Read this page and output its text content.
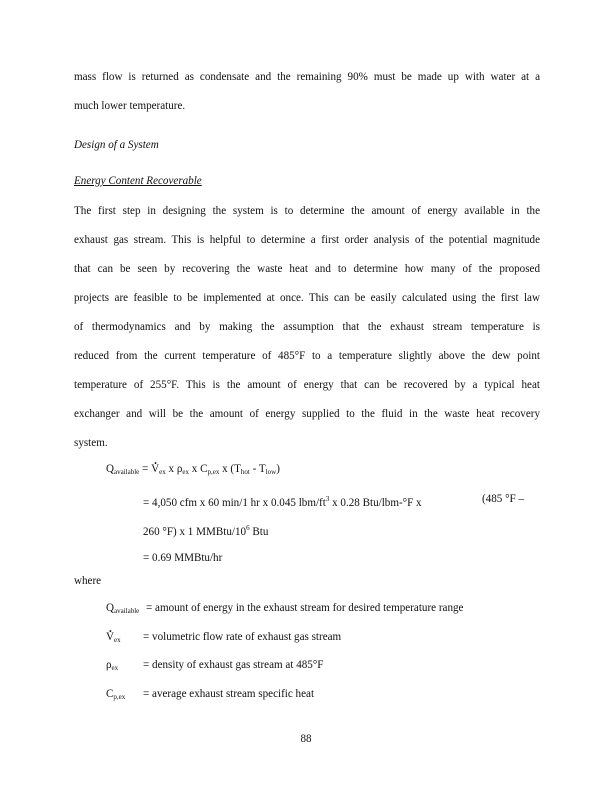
mass flow is returned as condensate and the remaining 90% must be made up with water at a
much lower temperature.
Design of a System
Energy Content Recoverable
The first step in designing the system is to determine the amount of energy available in the
exhaust gas stream. This is helpful to determine a first order analysis of the potential magnitude
that can be seen by recovering the waste heat and to determine how many of the proposed
projects are feasible to be implemented at once. This can be easily calculated using the first law
of thermodynamics and by making the assumption that the exhaust stream temperature is
reduced from the current temperature of 485°F to a temperature slightly above the dew point
temperature of 255°F. This is the amount of energy that can be recovered by a typical heat
exchanger and will be the amount of energy supplied to the fluid in the waste heat recovery
system.
$Q_{available}$ = . $V_{ex}$ x $\rho_{ex}$ x $C_{p,ex}$ x $(T_{hot} - T_{low})$
= 4,050 cfm x 60 min/1 hr x 0.045 lbm/$ft^3$ x 0.28 Btu/lbm-°F x	(485 °F –
260 °F) x 1 MMBtu/$10^6$ Btu
= 0.69 MMBtu/hr
where
$Q_{available}$ = amount of energy in the exhaust stream for desired temperature range
. $V_{ex}$ = volumetric flow rate of exhaust gas stream
$\rho_{ex}$ = density of exhaust gas stream at 485°F
$C_{p,ex}$ = average exhaust stream specific heat
88
